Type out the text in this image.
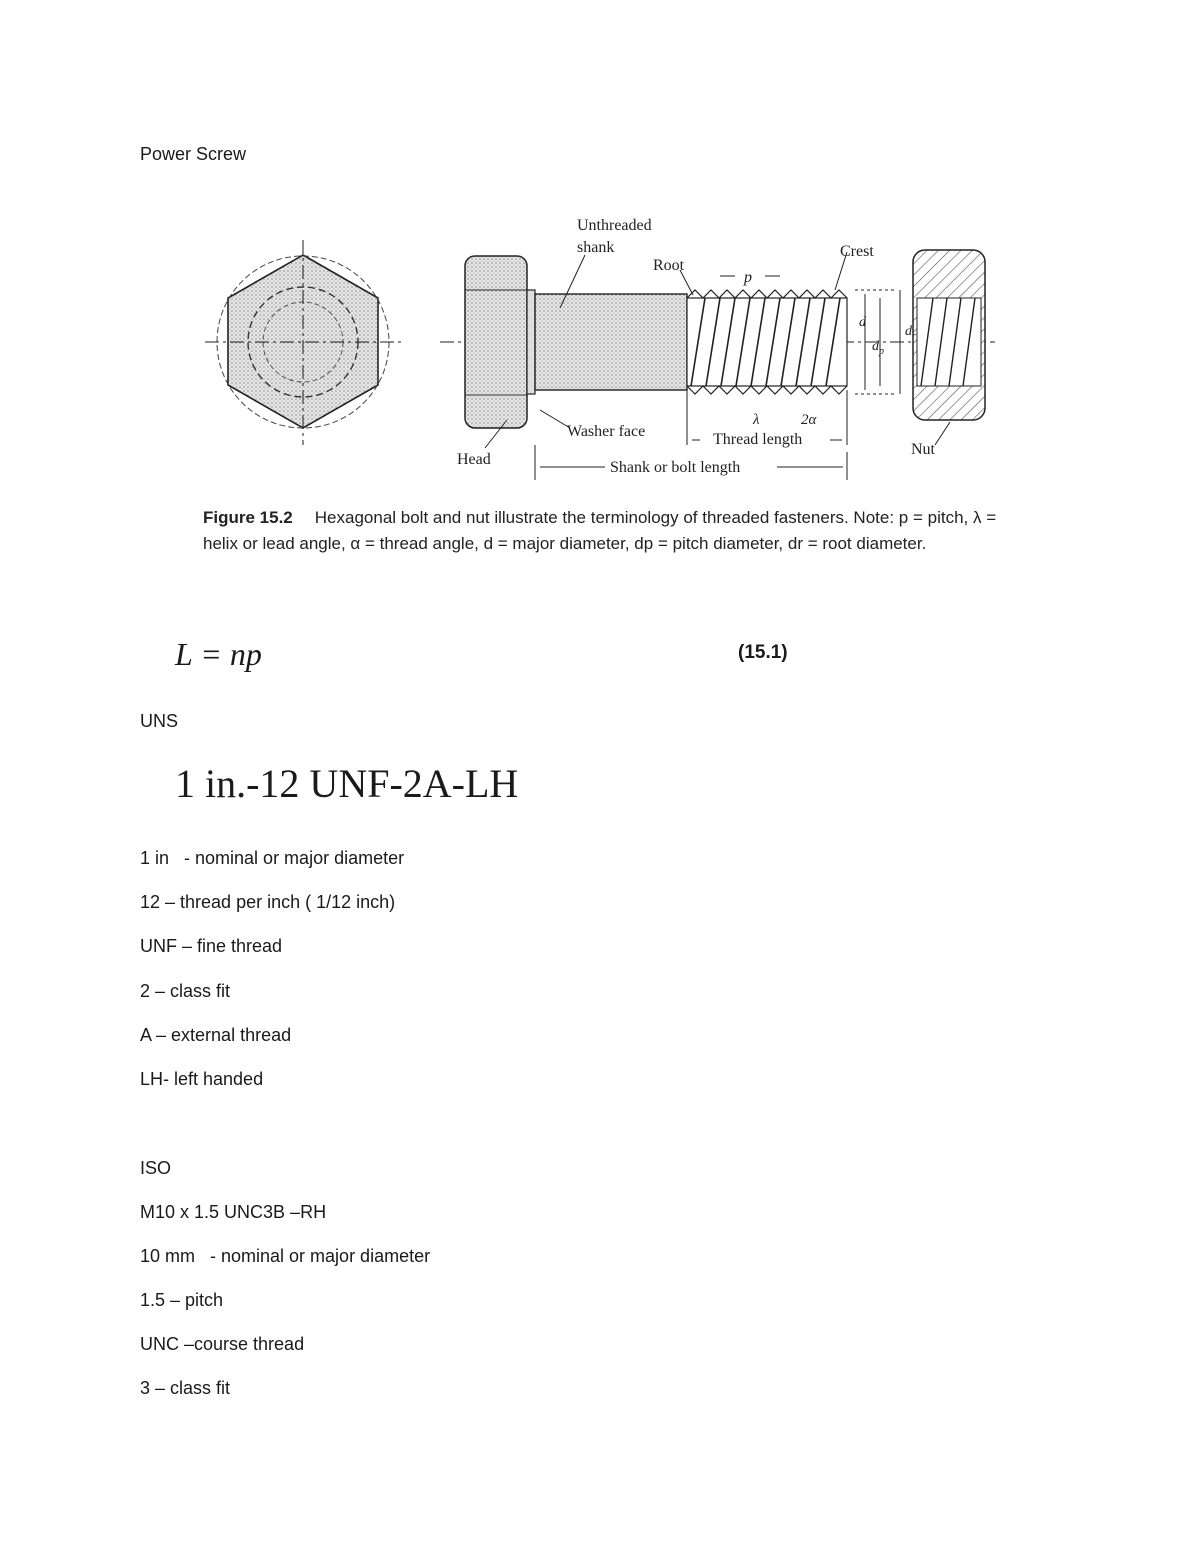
Power Screw
Unthreaded
shank
Root
Crest
p
d
$d_r$
$d_p$
λ	2α
Washer face	Thread length
Head
Nut
Shank or bolt length
Figure 15.2 Hexagonal bolt and nut illustrate the terminology of threaded fasteners. Note: p = pitch, λ = helix or lead angle, α = thread angle, d = major diameter, dp = pitch diameter, dr = root diameter.
L = np	(15.1)
UNS
1 in.-12 UNF-2A-LH
1 in   - nominal or major diameter
12 – thread per inch ( 1/12 inch)
UNF – fine thread
2 – class fit
A – external thread
LH- left handed
ISO
M10 x 1.5 UNC3B –RH
10 mm   - nominal or major diameter
1.5 – pitch
UNC –course thread
3 – class fit
